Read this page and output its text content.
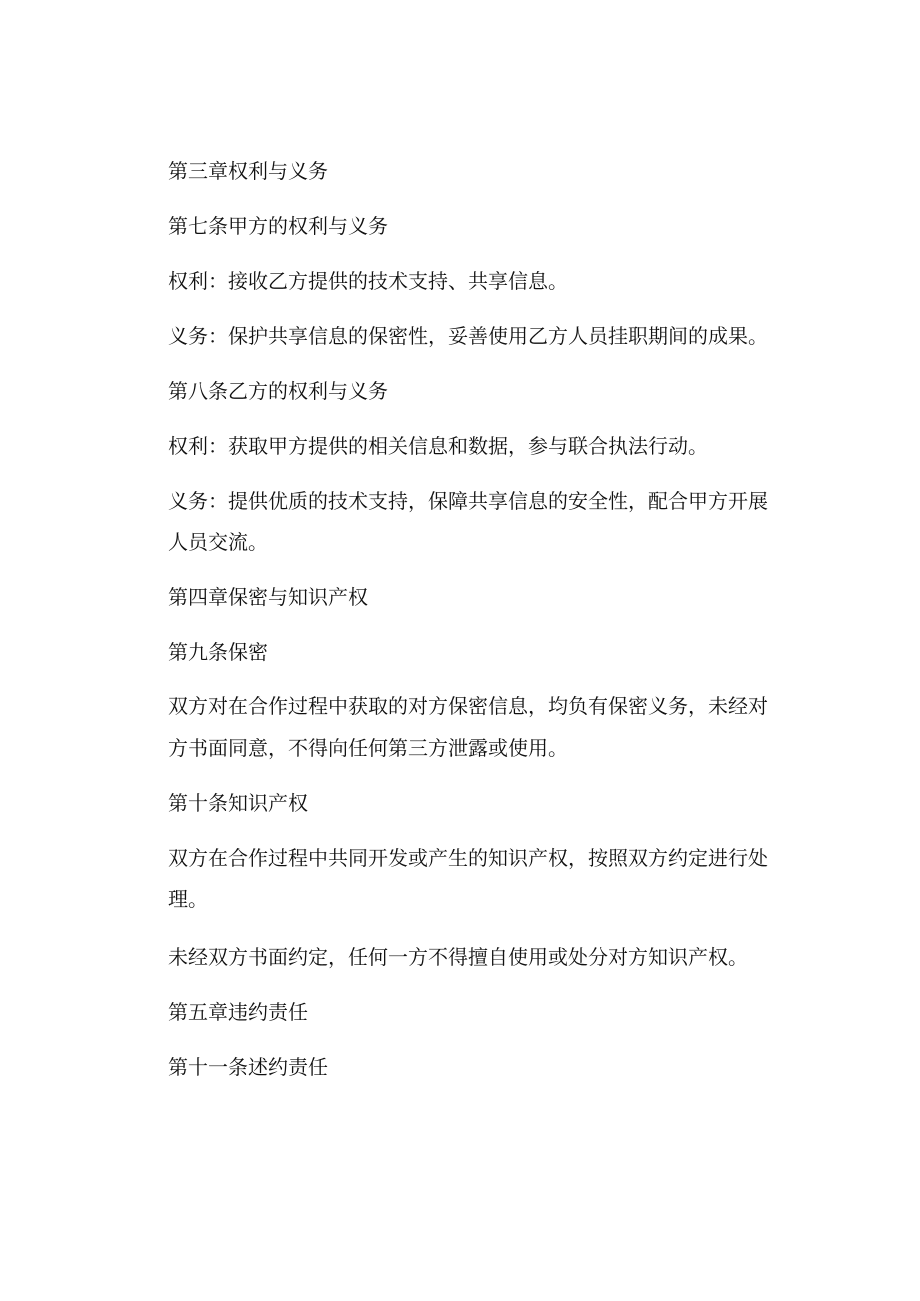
第三章权利与义务

第七条甲方的权利与义务

权利：接收乙方提供的技术支持、共享信息。

义务：保护共享信息的保密性，妥善使用乙方人员挂职期间的成果。

第八条乙方的权利与义务

权利：获取甲方提供的相关信息和数据，参与联合执法行动。

义务：提供优质的技术支持，保障共享信息的安全性，配合甲方开展

人员交流。

第四章保密与知识产权

第九条保密

双方对在合作过程中获取的对方保密信息，均负有保密义务，未经对

方书面同意，不得向任何第三方泄露或使用。

第十条知识产权

双方在合作过程中共同开发或产生的知识产权，按照双方约定进行处

理。

未经双方书面约定，任何一方不得擅自使用或处分对方知识产权。

第五章违约责任

第十一条述约责任
